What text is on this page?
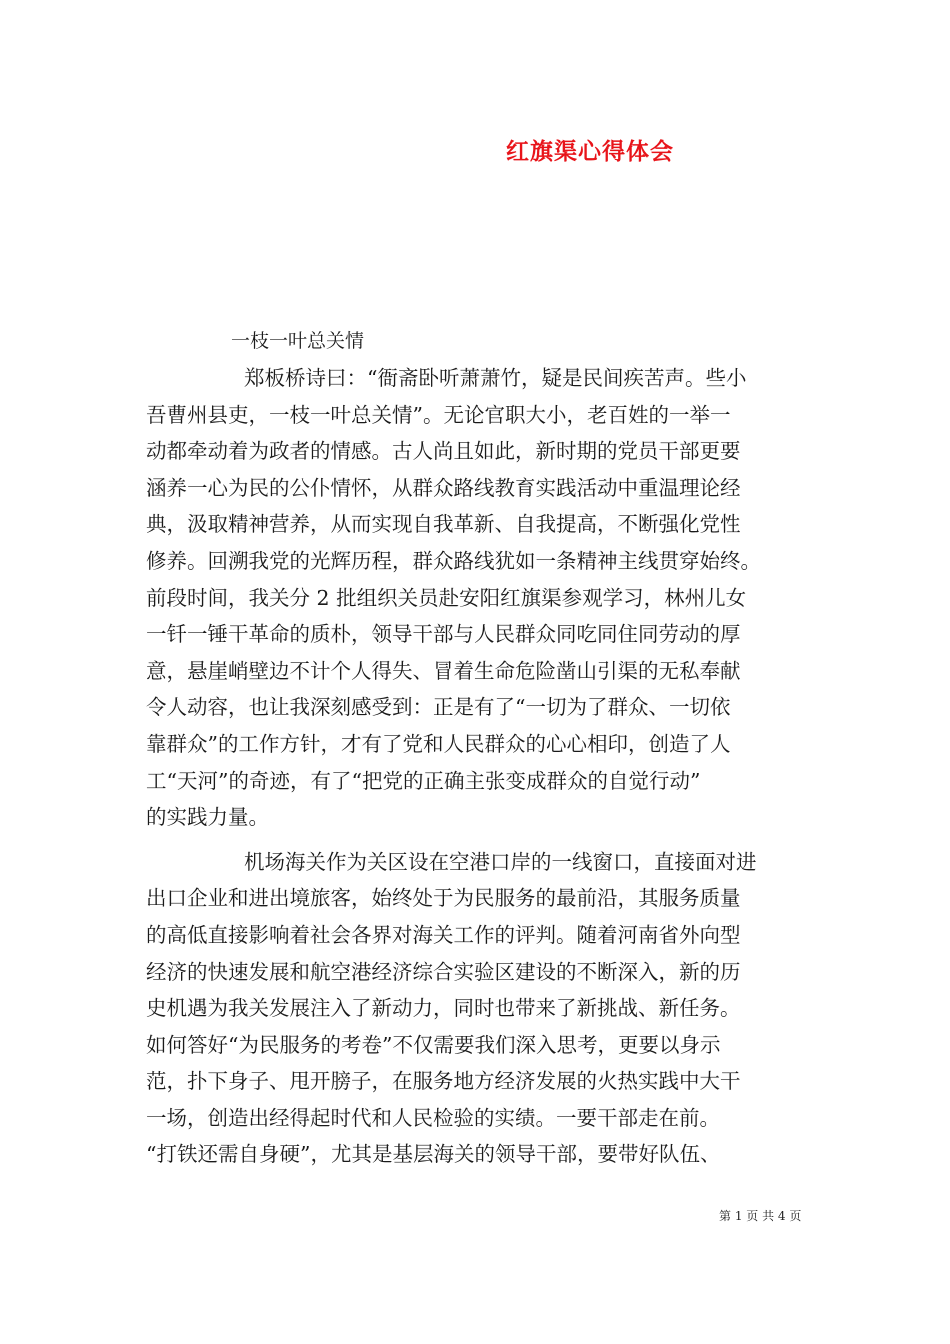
红旗渠心得体会
一枝一叶总关情
郑板桥诗曰：“衙斋卧听萧萧竹，疑是民间疾苦声。些小
吾曹州县吏，一枝一叶总关情”。无论官职大小，老百姓的一举一
动都牵动着为政者的情感。古人尚且如此，新时期的党员干部更要
涵养一心为民的公仆情怀，从群众路线教育实践活动中重温理论经
典，汲取精神营养，从而实现自我革新、自我提高，不断强化党性
修养。回溯我党的光辉历程，群众路线犹如一条精神主线贯穿始终。
前段时间，我关分 2 批组织关员赴安阳红旗渠参观学习，林州儿女
一钎一锤干革命的质朴，领导干部与人民群众同吃同住同劳动的厚
意，悬崖峭壁边不计个人得失、冒着生命危险凿山引渠的无私奉献
令人动容，也让我深刻感受到：正是有了“一切为了群众、一切依
靠群众”的工作方针，才有了党和人民群众的心心相印，创造了人
工“天河”的奇迹，有了“把党的正确主张变成群众的自觉行动”
的实践力量。
机场海关作为关区设在空港口岸的一线窗口，直接面对进
出口企业和进出境旅客，始终处于为民服务的最前沿，其服务质量
的高低直接影响着社会各界对海关工作的评判。随着河南省外向型
经济的快速发展和航空港经济综合实验区建设的不断深入，新的历
史机遇为我关发展注入了新动力，同时也带来了新挑战、新任务。
如何答好“为民服务的考卷”不仅需要我们深入思考，更要以身示
范，扑下身子、甩开膀子，在服务地方经济发展的火热实践中大干
一场，创造出经得起时代和人民检验的实绩。一要干部走在前。
“打铁还需自身硬”，尤其是基层海关的领导干部，要带好队伍、
第 1 页 共 4 页
